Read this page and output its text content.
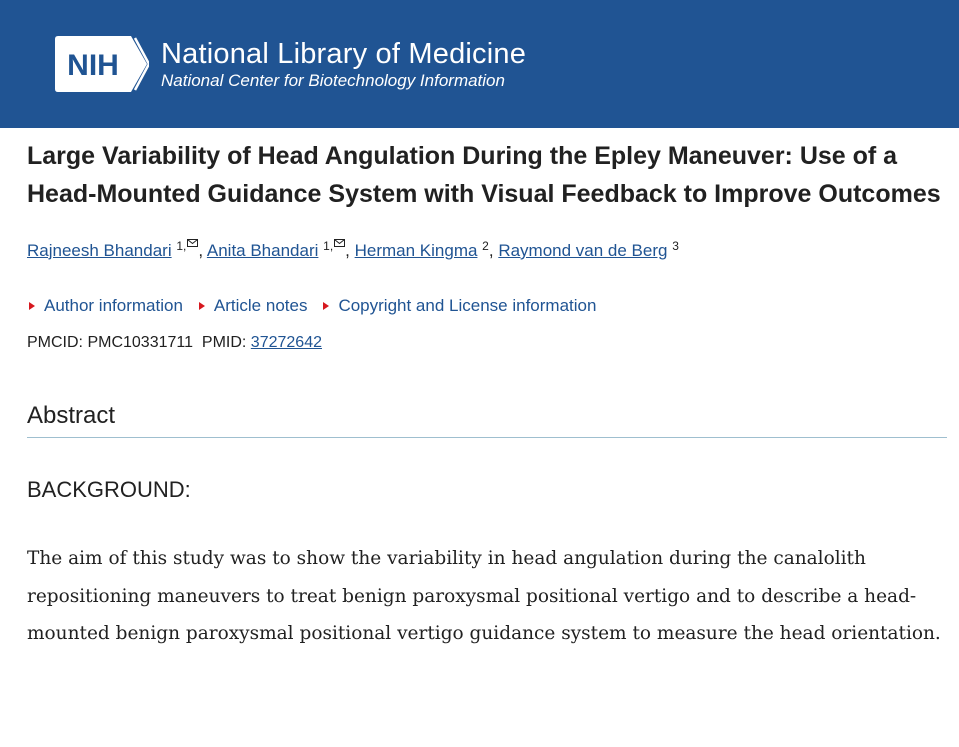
NIH National Library of Medicine
National Center for Biotechnology Information
Large Variability of Head Angulation During the Epley Maneuver: Use of a Head-Mounted Guidance System with Visual Feedback to Improve Outcomes
Rajneesh Bhandari $^{1,}$ , Anita Bhandari $^{1,}$ , Herman Kingma $^2$, Raymond van de Berg $^3$
Author information Article notes Copyright and License information
PMCID: PMC10331711 PMID: 37272642
Abstract
BACKGROUND:
The aim of this study was to show the variability in head angulation during the canalolith repositioning maneuvers to treat benign paroxysmal positional vertigo and to describe a head-mounted benign paroxysmal positional vertigo guidance system to measure the head orientation.
